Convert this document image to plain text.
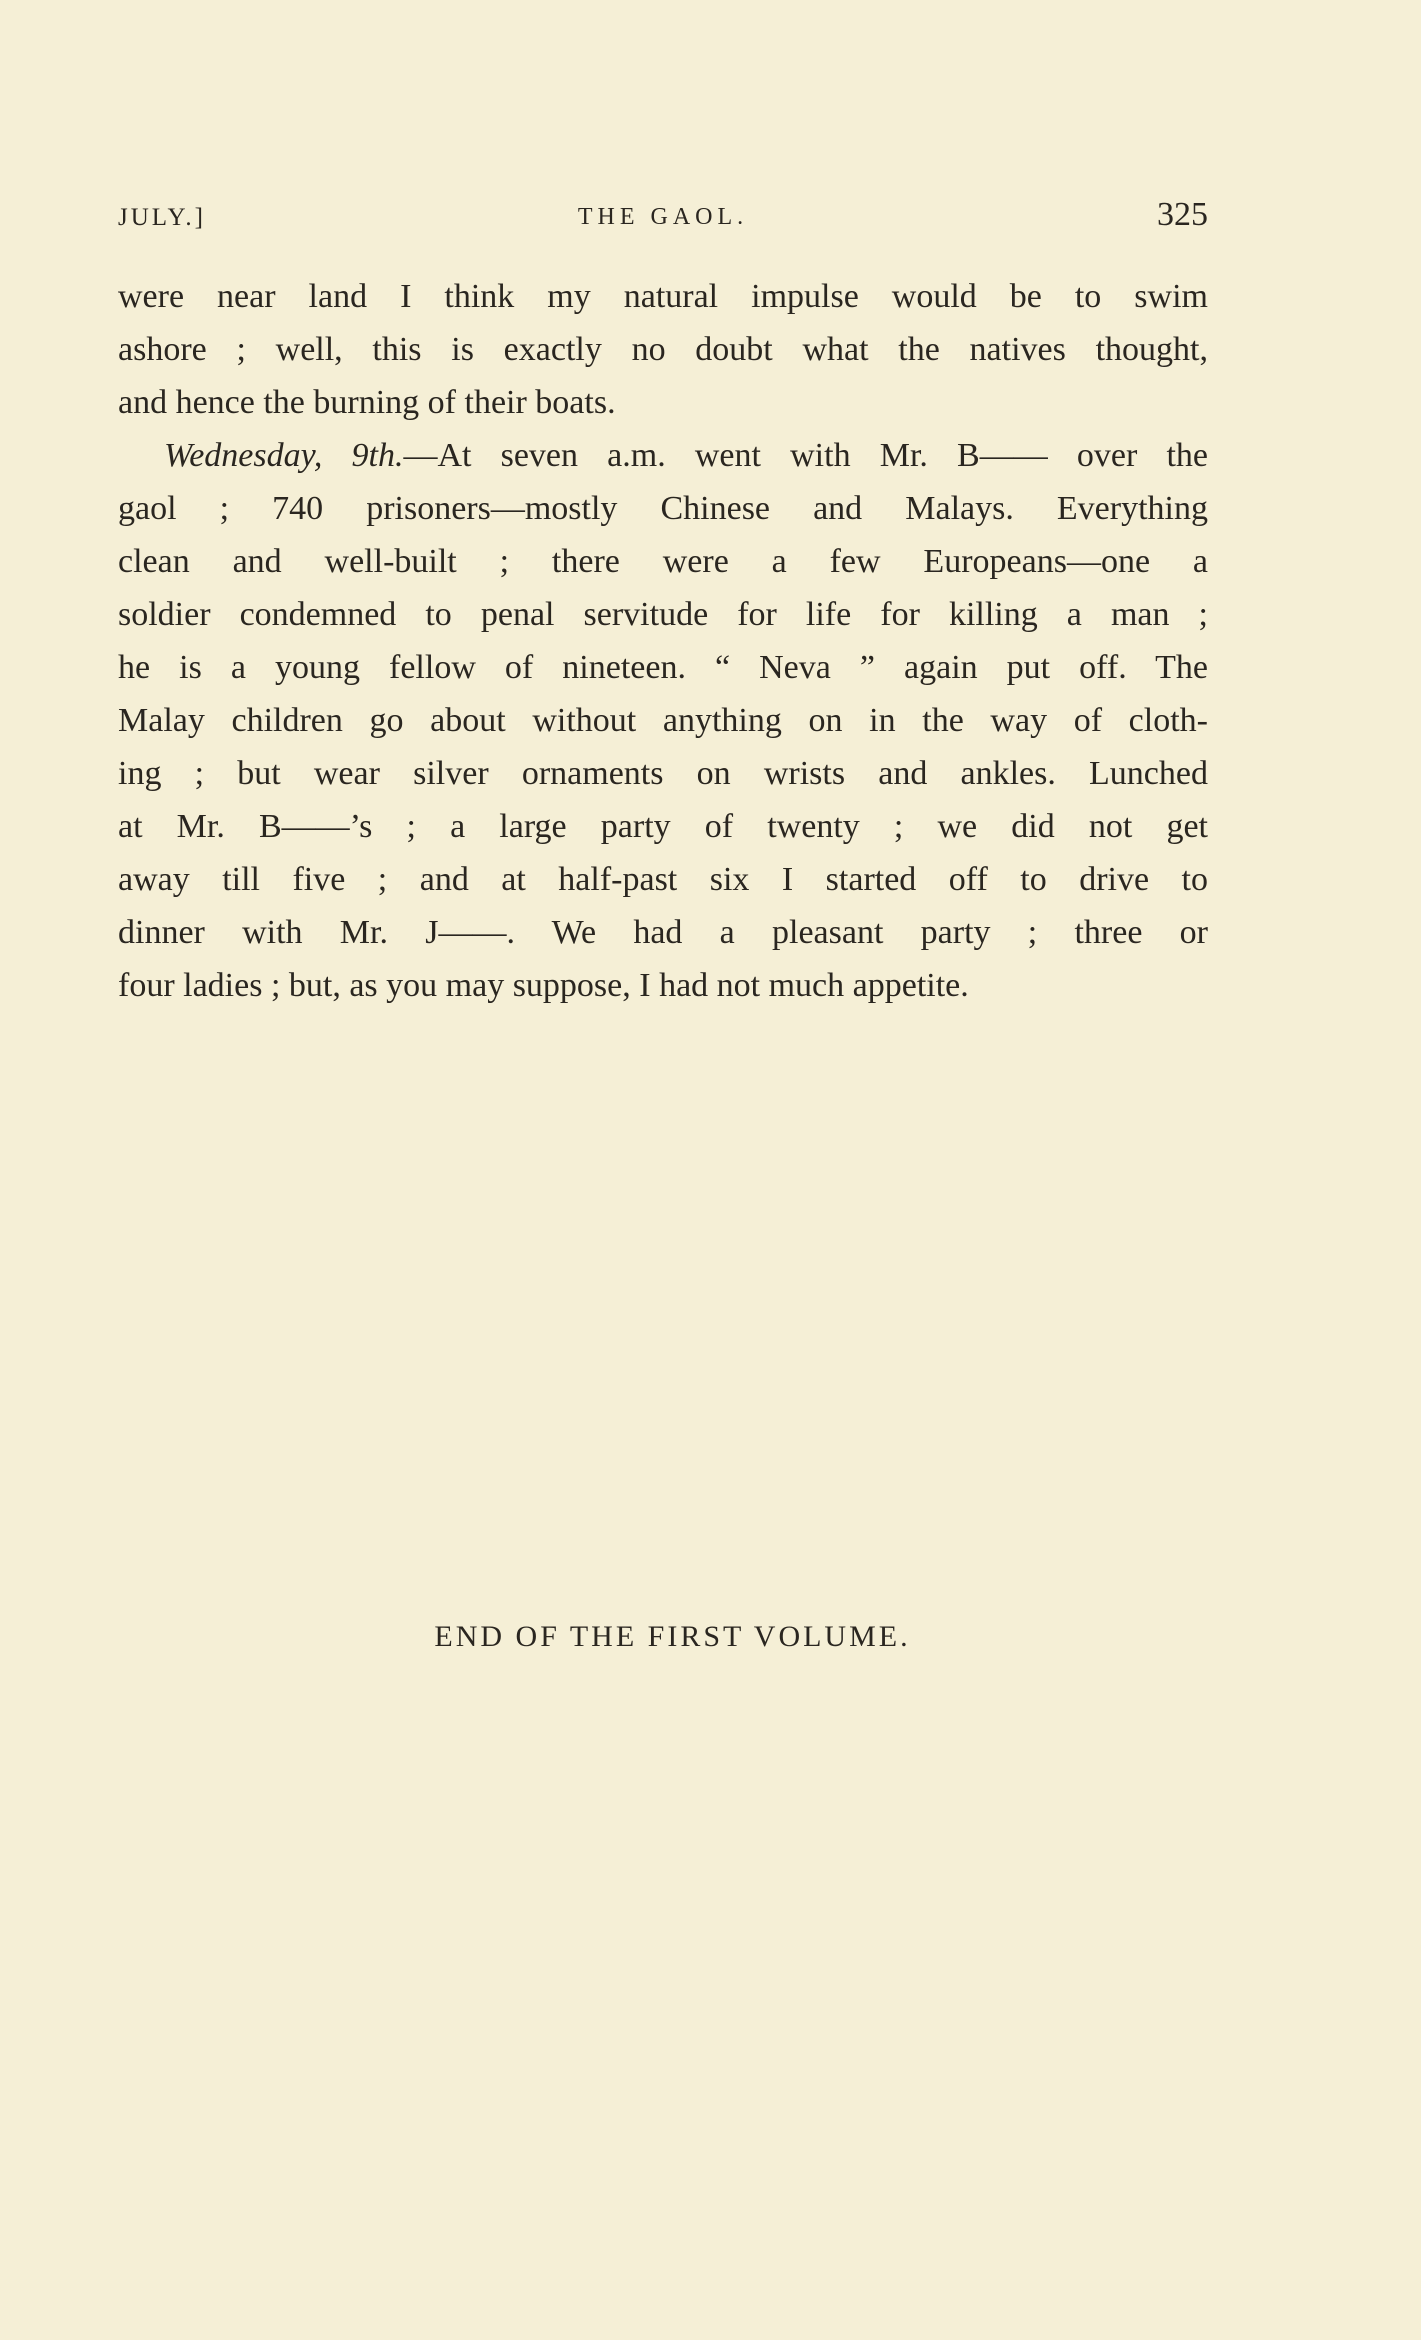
JULY.]	THE GAOL.	325
were near land I think my natural impulse would be to swim
ashore ; well, this is exactly no doubt what the natives thought,
and hence the burning of their boats.
Wednesday, 9th.—At seven a.m. went with Mr. B—— over the
gaol ; 740 prisoners—mostly Chinese and Malays. Everything
clean and well-built ; there were a few Europeans—one a
soldier condemned to penal servitude for life for killing a man ;
he is a young fellow of nineteen. “ Neva ” again put off. The
Malay children go about without anything on in the way of cloth-
ing ; but wear silver ornaments on wrists and ankles. Lunched
at Mr. B——’s ; a large party of twenty ; we did not get
away till five ; and at half-past six I started off to drive to
dinner with Mr. J——. We had a pleasant party ; three or
four ladies ; but, as you may suppose, I had not much appetite.
END OF THE FIRST VOLUME.
